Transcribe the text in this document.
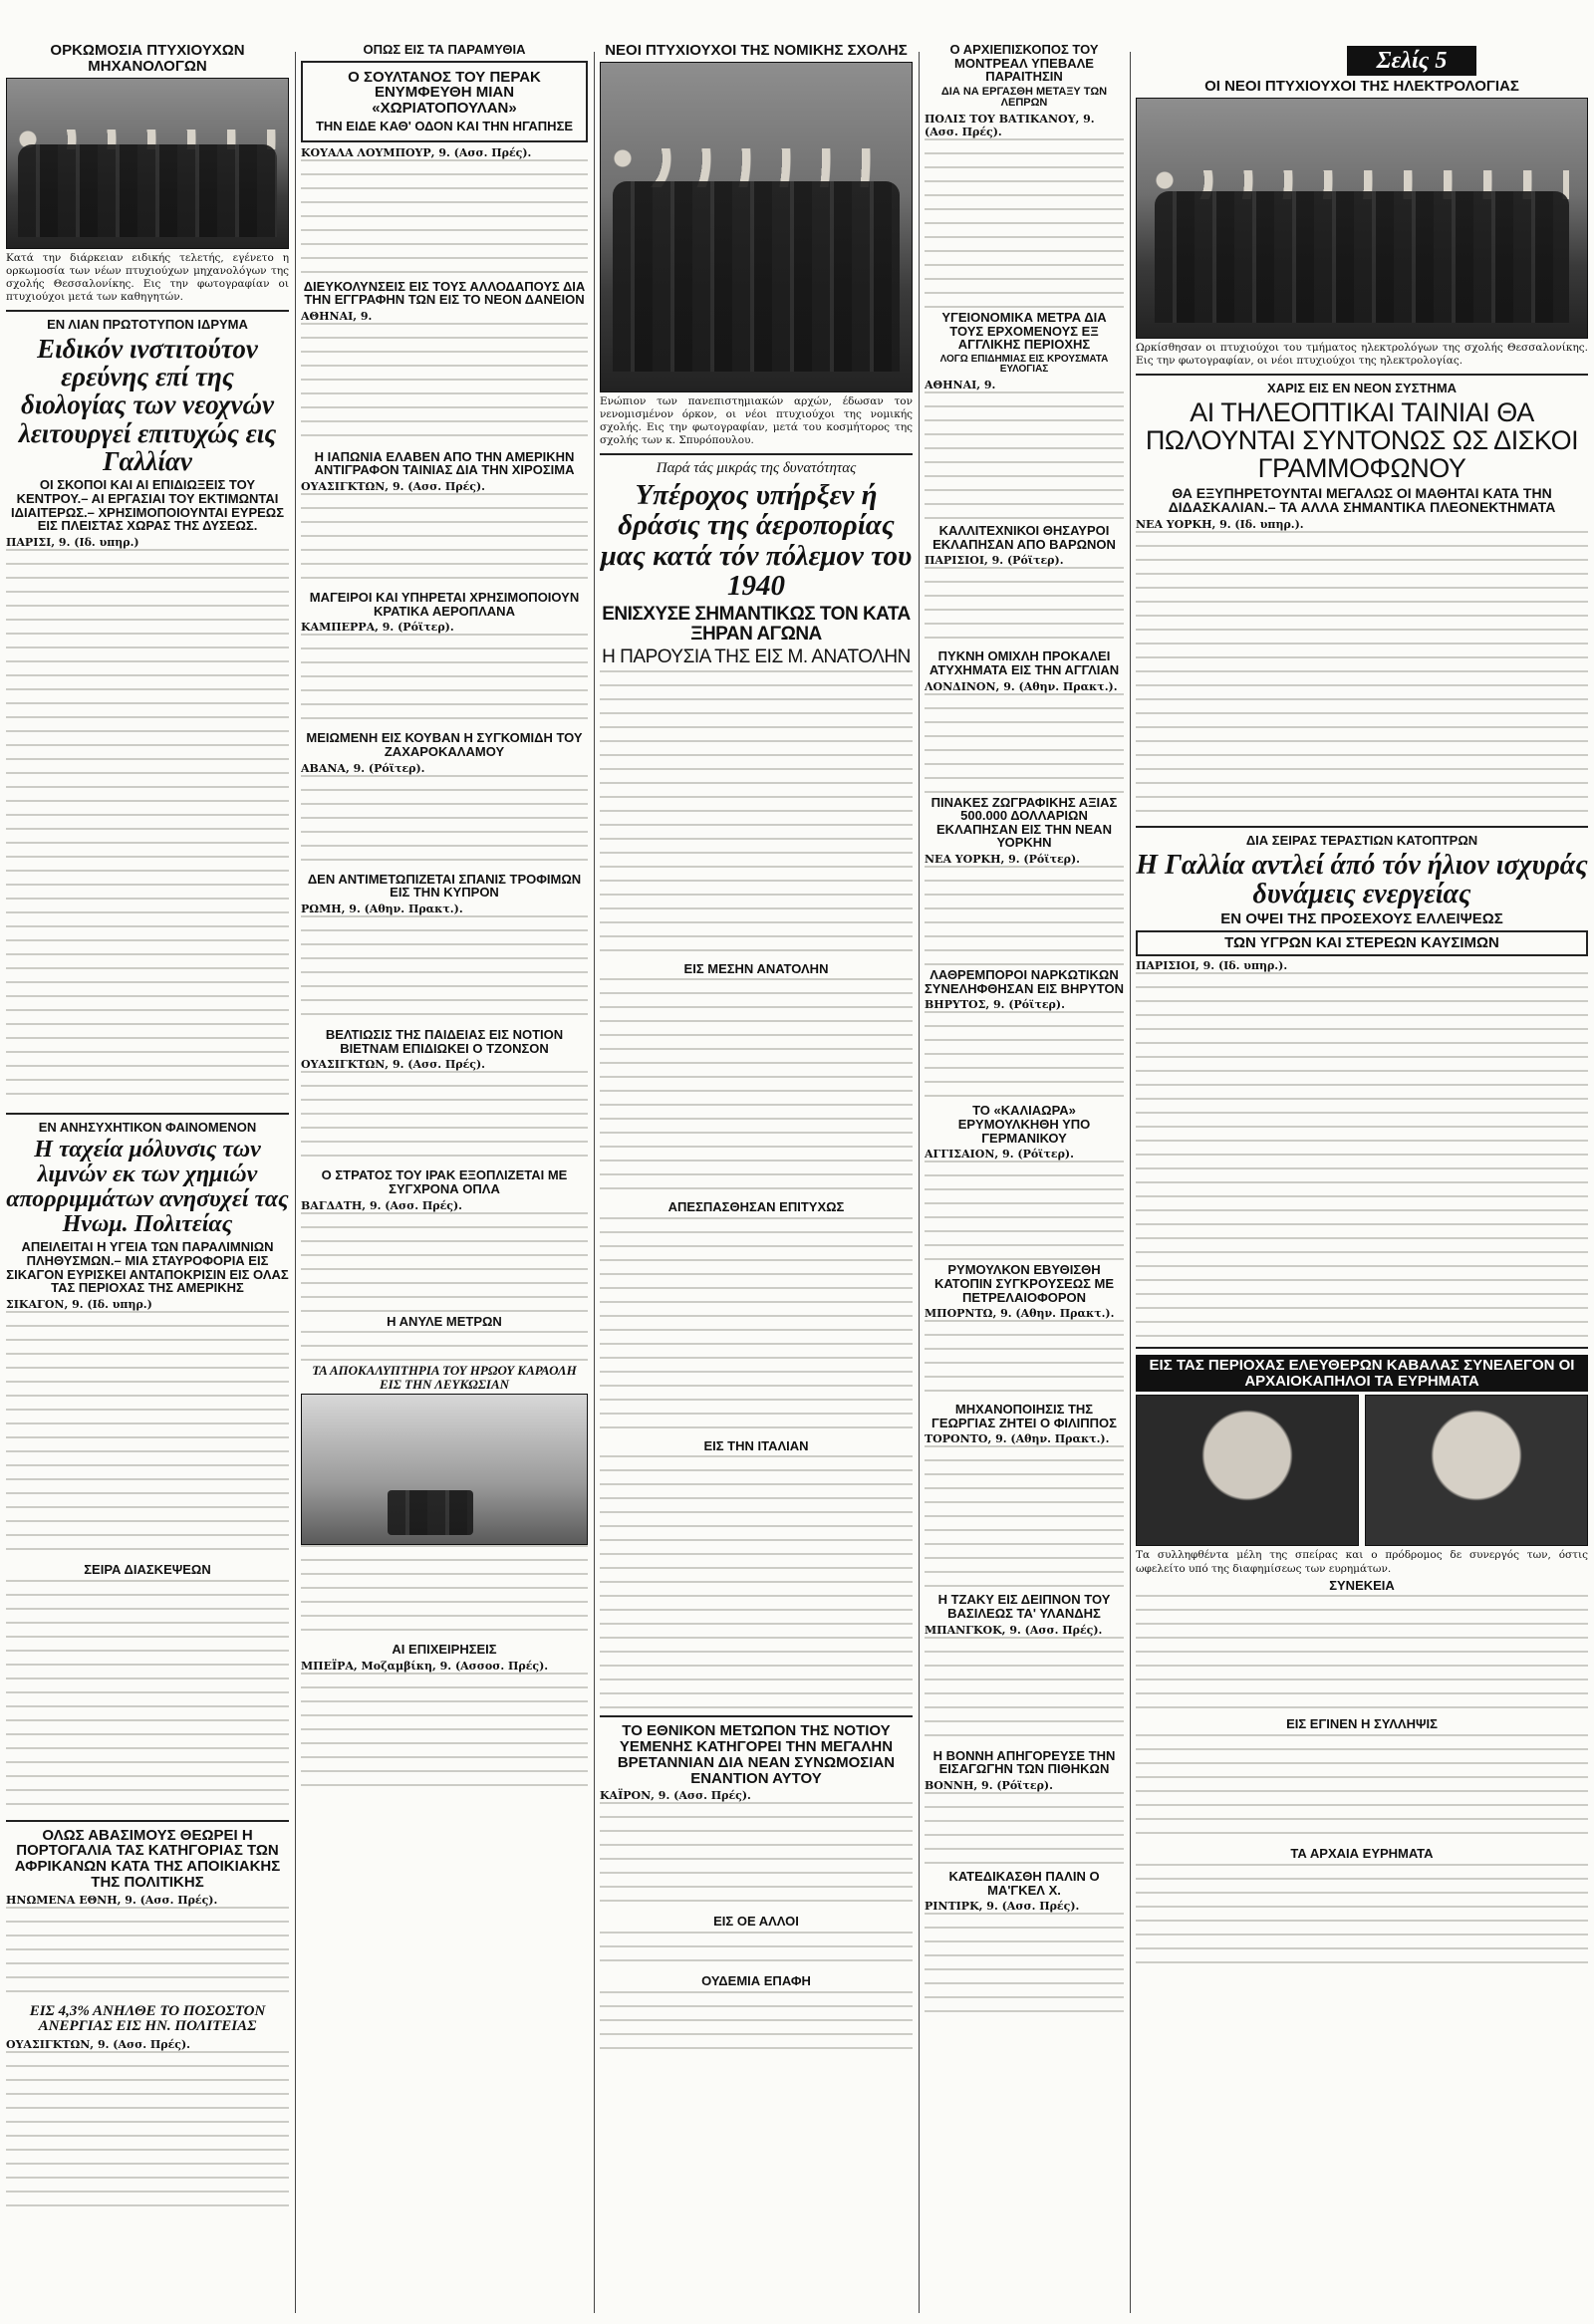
Σελίς 5
ΟΡΚΩΜΟΣΙΑ ΠΤΥΧΙΟΥΧΩΝ ΜΗΧΑΝΟΛΟΓΩΝ
Κατά την διάρκειαν ειδικής τελετής, εγένετο η ορκωμοσία των νέων πτυχιούχων μηχανολόγων της σχολής Θεσσαλονίκης. Εις την φωτογραφίαν οι πτυχιούχοι μετά των καθηγητών.
ΕΝ ΛΙΑΝ ΠΡΩΤΟΤΥΠΟΝ ΙΔΡΥΜΑ
Ειδικόν ινστιτούτον ερεύνης επί της διολογίας των νεοχνών λειτουργεί επιτυχώς εις Γαλλίαν
ΟΙ ΣΚΟΠΟΙ ΚΑΙ ΑΙ ΕΠΙΔΙΩΞΕΙΣ ΤΟΥ ΚΕΝΤΡΟΥ.– ΑΙ ΕΡΓΑΣΙΑΙ ΤΟΥ ΕΚΤΙΜΩΝΤΑΙ ΙΔΙΑΙΤΕΡΩΣ.– ΧΡΗΣΙΜΟΠΟΙΟΥΝΤΑΙ ΕΥΡΕΩΣ ΕΙΣ ΠΛΕΙΣΤΑΣ ΧΩΡΑΣ ΤΗΣ ΔΥΣΕΩΣ.
ΠΑΡΙΣΙ, 9. (Ιδ. υπηρ.)
ΕΝ ΑΝΗΣΥΧΗΤΙΚΟΝ ΦΑΙΝΟΜΕΝΟΝ
Η ταχεία μόλυνσις των λιμνών εκ των χημιών απορριμμάτων ανησυχεί τας Ηνωμ. Πολιτείας
ΑΠΕΙΛΕΙΤΑΙ Η ΥΓΕΙΑ ΤΩΝ ΠΑΡΑΛΙΜΝΙΩΝ ΠΛΗΘΥΣΜΩΝ.– ΜΙΑ ΣΤΑΥΡΟΦΟΡΙΑ ΕΙΣ ΣΙΚΑΓΟΝ ΕΥΡΙΣΚΕΙ ΑΝΤΑΠΟΚΡΙΣΙΝ ΕΙΣ ΟΛΑΣ ΤΑΣ ΠΕΡΙΟΧΑΣ ΤΗΣ ΑΜΕΡΙΚΗΣ
ΣΙΚΑΓΟΝ, 9. (Ιδ. υπηρ.)
ΣΕΙΡΑ ΔΙΑΣΚΕΨΕΩΝ
ΟΛΩΣ ΑΒΑΣΙΜΟΥΣ ΘΕΩΡΕΙ Η ΠΟΡΤΟΓΑΛΙΑ ΤΑΣ ΚΑΤΗΓΟΡΙΑΣ ΤΩΝ ΑΦΡΙΚΑΝΩΝ ΚΑΤΑ ΤΗΣ ΑΠΟΙΚΙΑΚΗΣ ΤΗΣ ΠΟΛΙΤΙΚΗΣ
ΗΝΩΜΕΝΑ ΕΘΝΗ, 9. (Ασσ. Πρές).
ΕΙΣ 4,3% ΑΝΗΛΘΕ ΤΟ ΠΟΣΟΣΤΟΝ ΑΝΕΡΓΙΑΣ ΕΙΣ ΗΝ. ΠΟΛΙΤΕΙΑΣ
ΟΥΑΣΙΓΚΤΩΝ, 9. (Ασσ. Πρές).
ΟΠΩΣ ΕΙΣ ΤΑ ΠΑΡΑΜΥΘΙΑ
Ο ΣΟΥΛΤΑΝΟΣ ΤΟΥ ΠΕΡΑΚ ΕΝΥΜΦΕΥΘΗ ΜΙΑΝ «ΧΩΡΙΑΤΟΠΟΥΛΑΝ»
ΤΗΝ ΕΙΔΕ ΚΑΘ' ΟΔΟΝ ΚΑΙ ΤΗΝ ΗΓΑΠΗΣΕ
ΚΟΥΑΛΑ ΛΟΥΜΠΟΥΡ, 9. (Ασσ. Πρές).
ΔΙΕΥΚΟΛΥΝΣΕΙΣ ΕΙΣ ΤΟΥΣ ΑΛΛΟΔΑΠΟΥΣ ΔΙΑ ΤΗΝ ΕΓΓΡΑΦΗΝ ΤΩΝ ΕΙΣ ΤΟ ΝΕΟΝ ΔΑΝΕΙΟΝ
ΑΘΗΝΑΙ, 9.
Η ΙΑΠΩΝΙΑ ΕΛΑΒΕΝ ΑΠΟ ΤΗΝ ΑΜΕΡΙΚΗΝ ΑΝΤΙΓΡΑΦΟΝ ΤΑΙΝΙΑΣ ΔΙΑ ΤΗΝ ΧΙΡΟΣΙΜΑ
ΟΥΑΣΙΓΚΤΩΝ, 9. (Ασσ. Πρές).
ΜΑΓΕΙΡΟΙ ΚΑΙ ΥΠΗΡΕΤΑΙ ΧΡΗΣΙΜΟΠΟΙΟΥΝ ΚΡΑΤΙΚΑ ΑΕΡΟΠΛΑΝΑ
ΚΑΜΠΕΡΡΑ, 9. (Ρόϊτερ).
ΜΕΙΩΜΕΝΗ ΕΙΣ ΚΟΥΒΑΝ Η ΣΥΓΚΟΜΙΔΗ ΤΟΥ ΖΑΧΑΡΟΚΑΛΑΜΟΥ
ΑΒΑΝΑ, 9. (Ρόϊτερ).
ΔΕΝ ΑΝΤΙΜΕΤΩΠΙΖΕΤΑΙ ΣΠΑΝΙΣ ΤΡΟΦΙΜΩΝ ΕΙΣ ΤΗΝ ΚΥΠΡΟΝ
ΡΩΜΗ, 9. (Αθην. Πρακτ.).
ΒΕΛΤΙΩΣΙΣ ΤΗΣ ΠΑΙΔΕΙΑΣ ΕΙΣ ΝΟΤΙΟΝ ΒΙΕΤΝΑΜ ΕΠΙΔΙΩΚΕΙ Ο ΤΖΟΝΣΟΝ
ΟΥΑΣΙΓΚΤΩΝ, 9. (Ασσ. Πρές).
Ο ΣΤΡΑΤΟΣ ΤΟΥ ΙΡΑΚ ΕΞΟΠΛΙΖΕΤΑΙ ΜΕ ΣΥΓΧΡΟΝΑ ΟΠΛΑ
ΒΑΓΔΑΤΗ, 9. (Ασσ. Πρές).
Η ΑΝΥΛΕ ΜΕΤΡΩΝ
ΤΑ ΑΠΟΚΑΛΥΠΤΗΡΙΑ ΤΟΥ ΗΡΩΟΥ ΚΑΡΑΟΛΗ ΕΙΣ ΤΗΝ ΛΕΥΚΩΣΙΑΝ
ΑΙ ΕΠΙΧΕΙΡΗΣΕΙΣ
ΜΠΕΪΡΑ, Μοζαμβίκη, 9. (Ασσοσ. Πρές).
ΝΕΟΙ ΠΤΥΧΙΟΥΧΟΙ ΤΗΣ ΝΟΜΙΚΗΣ ΣΧΟΛΗΣ
Ενώπιον των πανεπιστημιακών αρχών, έδωσαν τον νενομισμένον όρκον, οι νέοι πτυχιούχοι της νομικής σχολής. Εις την φωτογραφίαν, μετά του κοσμήτορος της σχολής των κ. Σπυρόπουλου.
Παρά τάς μικράς της δυνατότητας
Υπέροχος υπήρξεν ή δράσις της άεροπορίας μας κατά τόν πόλεμον του 1940
ΕΝΙΣΧΥΣΕ ΣΗΜΑΝΤΙΚΩΣ ΤΟΝ ΚΑΤΑ ΞΗΡΑΝ ΑΓΩΝΑ
Η ΠΑΡΟΥΣΙΑ ΤΗΣ ΕΙΣ Μ. ΑΝΑΤΟΛΗΝ
ΕΙΣ ΜΕΣΗΝ ΑΝΑΤΟΛΗΝ
ΑΠΕΣΠΑΣΘΗΣΑΝ ΕΠΙΤΥΧΩΣ
ΕΙΣ ΤΗΝ ΙΤΑΛΙΑΝ
ΤΟ ΕΘΝΙΚΟΝ ΜΕΤΩΠΟΝ ΤΗΣ ΝΟΤΙΟΥ ΥΕΜΕΝΗΣ ΚΑΤΗΓΟΡΕΙ ΤΗΝ ΜΕΓΑΛΗΝ ΒΡΕΤΑΝΝΙΑΝ ΔΙΑ ΝΕΑΝ ΣΥΝΩΜΟΣΙΑΝ ΕΝΑΝΤΙΟΝ ΑΥΤΟΥ
ΚΑΪΡΟΝ, 9. (Ασσ. Πρές).
ΕΙΣ ΟΕ ΑΛΛΟΙ
ΟΥΔΕΜΙΑ ΕΠΑΦΗ
Ο ΑΡΧΙΕΠΙΣΚΟΠΟΣ ΤΟΥ ΜΟΝΤΡΕΑΛ ΥΠΕΒΑΛΕ ΠΑΡΑΙΤΗΣΙΝ
ΔΙΑ ΝΑ ΕΡΓΑΣΘΗ ΜΕΤΑΞΥ ΤΩΝ ΛΕΠΡΩΝ
ΠΟΛΙΣ ΤΟΥ ΒΑΤΙΚΑΝΟΥ, 9. (Ασσ. Πρές).
ΥΓΕΙΟΝΟΜΙΚΑ ΜΕΤΡΑ ΔΙΑ ΤΟΥΣ ΕΡΧΟΜΕΝΟΥΣ ΕΞ ΑΓΓΛΙΚΗΣ ΠΕΡΙΟΧΗΣ
ΛΟΓΩ ΕΠΙΔΗΜΙΑΣ ΕΙΣ ΚΡΟΥΣΜΑΤΑ ΕΥΛΟΓΙΑΣ
ΑΘΗΝΑΙ, 9.
ΚΑΛΛΙΤΕΧΝΙΚΟΙ ΘΗΣΑΥΡΟΙ ΕΚΛΑΠΗΣΑΝ ΑΠΟ ΒΑΡΩΝΟΝ
ΠΑΡΙΣΙΟΙ, 9. (Ρόϊτερ).
ΠΥΚΝΗ ΟΜΙΧΛΗ ΠΡΟΚΑΛΕΙ ΑΤΥΧΗΜΑΤΑ ΕΙΣ ΤΗΝ ΑΓΓΛΙΑΝ
ΛΟΝΔΙΝΟΝ, 9. (Αθην. Πρακτ.).
ΠΙΝΑΚΕΣ ΖΩΓΡΑΦΙΚΗΣ ΑΞΙΑΣ 500.000 ΔΟΛΛΑΡΙΩΝ ΕΚΛΑΠΗΣΑΝ ΕΙΣ ΤΗΝ ΝΕΑΝ ΥΟΡΚΗΝ
ΝΕΑ ΥΟΡΚΗ, 9. (Ρόϊτερ).
ΛΑΘΡΕΜΠΟΡΟΙ ΝΑΡΚΩΤΙΚΩΝ ΣΥΝΕΛΗΦΘΗΣΑΝ ΕΙΣ ΒΗΡΥΤΟΝ
ΒΗΡΥΤΟΣ, 9. (Ρόϊτερ).
ΤΟ «ΚΑΛΙΑΩΡΑ» ΕΡΥΜΟΥΛΚΗΘΗ ΥΠΟ ΓΕΡΜΑΝΙΚΟΥ
ΑΓΓΙΣΑΙΟΝ, 9. (Ρόϊτερ).
ΡΥΜΟΥΛΚΟΝ ΕΒΥΘΙΣΘΗ ΚΑΤΟΠΙΝ ΣΥΓΚΡΟΥΣΕΩΣ ΜΕ ΠΕΤΡΕΛΑΙΟΦΟΡΟΝ
ΜΠΟΡΝΤΩ, 9. (Αθην. Πρακτ.).
ΜΗΧΑΝΟΠΟΙΗΣΙΣ ΤΗΣ ΓΕΩΡΓΙΑΣ ΖΗΤΕΙ Ο ΦΙΛΙΠΠΟΣ
ΤΟΡΟΝΤΟ, 9. (Αθην. Πρακτ.).
Η ΤΖΑΚΥ ΕΙΣ ΔΕΙΠΝΟΝ ΤΟΥ ΒΑΣΙΛΕΩΣ ΤΑ' ΥΛΑΝΔΗΣ
ΜΠΑΝΓΚΟΚ, 9. (Ασσ. Πρές).
Η ΒΟΝΝΗ ΑΠΗΓΟΡΕΥΣΕ ΤΗΝ ΕΙΣΑΓΩΓΗΝ ΤΩΝ ΠΙΘΗΚΩΝ
ΒΟΝΝΗ, 9. (Ρόϊτερ).
ΚΑΤΕΔΙΚΑΣΘΗ ΠΑΛΙΝ Ο ΜΑ'ΓΚΕΛ Χ.
ΡΙΝΤΙΡΚ, 9. (Ασσ. Πρές).
ΟΙ ΝΕΟΙ ΠΤΥΧΙΟΥΧΟΙ ΤΗΣ ΗΛΕΚΤΡΟΛΟΓΙΑΣ
Ωρκίσθησαν οι πτυχιούχοι του τμήματος ηλεκτρολόγων της σχολής Θεσσαλονίκης. Εις την φωτογραφίαν, οι νέοι πτυχιούχοι της ηλεκτρολογίας.
ΧΑΡΙΣ ΕΙΣ ΕΝ ΝΕΟΝ ΣΥΣΤΗΜΑ
ΑΙ ΤΗΛΕΟΠΤΙΚΑΙ ΤΑΙΝΙΑΙ ΘΑ ΠΩΛΟΥΝΤΑΙ ΣΥΝΤΟΝΩΣ ΩΣ ΔΙΣΚΟΙ ΓΡΑΜΜΟΦΩΝΟΥ
ΘΑ ΕΞΥΠΗΡΕΤΟΥΝΤΑΙ ΜΕΓΑΛΩΣ ΟΙ ΜΑΘΗΤΑΙ ΚΑΤΑ ΤΗΝ ΔΙΔΑΣΚΑΛΙΑΝ.– ΤΑ ΑΛΛΑ ΣΗΜΑΝΤΙΚΑ ΠΛΕΟΝΕΚΤΗΜΑΤΑ
ΝΕΑ ΥΟΡΚΗ, 9. (Ιδ. υπηρ.).
ΔΙΑ ΣΕΙΡΑΣ ΤΕΡΑΣΤΙΩΝ ΚΑΤΟΠΤΡΩΝ
Η Γαλλία αντλεί άπό τόν ήλιον ισχυράς δυνάμεις ενεργείας
ΕΝ ΟΨΕΙ ΤΗΣ ΠΡΟΣΕΧΟΥΣ ΕΛΛΕΙΨΕΩΣ
ΤΩΝ ΥΓΡΩΝ ΚΑΙ ΣΤΕΡΕΩΝ ΚΑΥΣΙΜΩΝ
ΠΑΡΙΣΙΟΙ, 9. (Ιδ. υπηρ.).
ΕΙΣ ΤΑΣ ΠΕΡΙΟΧΑΣ ΕΛΕΥΘΕΡΩΝ ΚΑΒΑΛΑΣ ΣΥΝΕΛΕΓΟΝ ΟΙ ΑΡΧΑΙΟΚΑΠΗΛΟΙ ΤΑ ΕΥΡΗΜΑΤΑ
Τα συλληφθέντα μέλη της σπείρας και ο πρόδρομος δε συνεργός των, όστις ωφελείτο υπό της διαφημίσεως των ευρημάτων.
ΣΥΝΕΚΕΙΑ
ΕΙΣ ΕΓΙΝΕΝ Η ΣΥΛΛΗΨΙΣ
ΤΑ ΑΡΧΑΙΑ ΕΥΡΗΜΑΤΑ
